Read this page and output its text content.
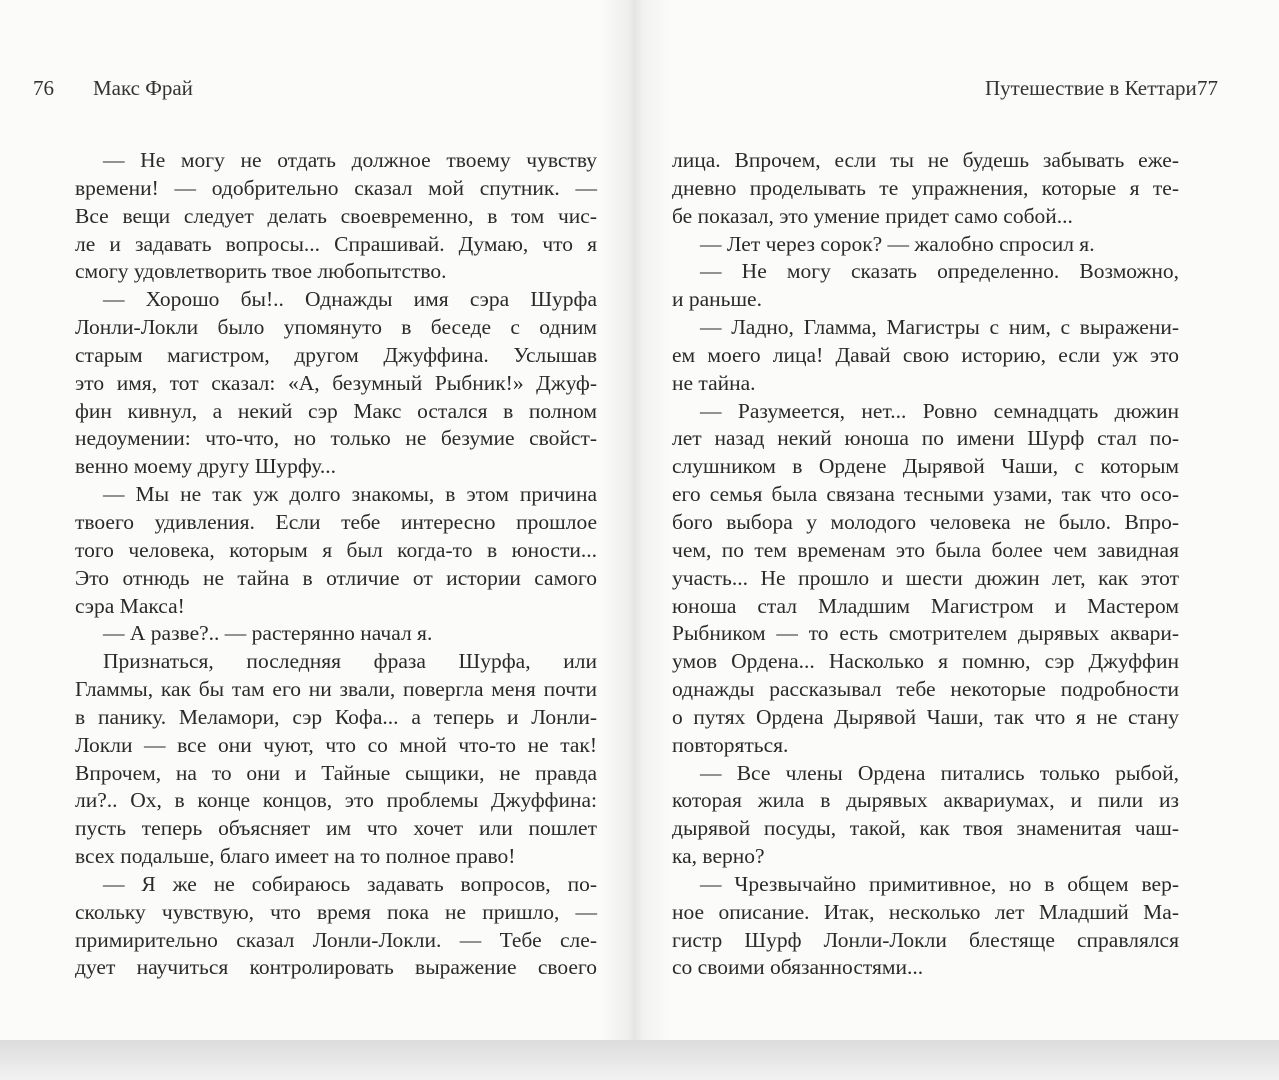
76 Макс Фрай	Путешествие в Кеттари 77
— Не могу не отдать должное твоему чувству
времени! — одобрительно сказал мой спутник. —
Все вещи следует делать своевременно, в том чис-
ле и задавать вопросы... Спрашивай. Думаю, что я
смогу удовлетворить твое любопытство.
— Хорошо бы!.. Однажды имя сэра Шурфа
Лонли-Локли было упомянуто в беседе с одним
старым магистром, другом Джуффина. Услышав
это имя, тот сказал: «А, безумный Рыбник!» Джуф-
фин кивнул, а некий сэр Макс остался в полном
недоумении: что-что, но только не безумие свойст-
венно моему другу Шурфу...
— Мы не так уж долго знакомы, в этом причина
твоего удивления. Если тебе интересно прошлое
того человека, которым я был когда-то в юности...
Это отнюдь не тайна в отличие от истории самого
сэра Макса!
— А разве?.. — растерянно начал я.
Признаться, последняя фраза Шурфа, или
Гламмы, как бы там его ни звали, повергла меня почти
в панику. Меламори, сэр Кофа... а теперь и Лонли-
Локли — все они чуют, что со мной что-то не так!
Впрочем, на то они и Тайные сыщики, не правда
ли?.. Ох, в конце концов, это проблемы Джуффина:
пусть теперь объясняет им что хочет или пошлет
всех подальше, благо имеет на то полное право!
— Я же не собираюсь задавать вопросов, по-
скольку чувствую, что время пока не пришло, —
примирительно сказал Лонли-Локли. — Тебе сле-
дует научиться контролировать выражение своего
лица. Впрочем, если ты не будешь забывать еже-
дневно проделывать те упражнения, которые я те-
бе показал, это умение придет само собой...
— Лет через сорок? — жалобно спросил я.
— Не могу сказать определенно. Возможно,
и раньше.
— Ладно, Гламма, Магистры с ним, с выражени-
ем моего лица! Давай свою историю, если уж это
не тайна.
— Разумеется, нет... Ровно семнадцать дюжин
лет назад некий юноша по имени Шурф стал по-
слушником в Ордене Дырявой Чаши, с которым
его семья была связана тесными узами, так что осо-
бого выбора у молодого человека не было. Впро-
чем, по тем временам это была более чем завидная
участь... Не прошло и шести дюжин лет, как этот
юноша стал Младшим Магистром и Мастером
Рыбником — то есть смотрителем дырявых аквари-
умов Ордена... Насколько я помню, сэр Джуффин
однажды рассказывал тебе некоторые подробности
о путях Ордена Дырявой Чаши, так что я не стану
повторяться.
— Все члены Ордена питались только рыбой,
которая жила в дырявых аквариумах, и пили из
дырявой посуды, такой, как твоя знаменитая чаш-
ка, верно?
— Чрезвычайно примитивное, но в общем вер-
ное описание. Итак, несколько лет Младший Ма-
гистр Шурф Лонли-Локли блестяще справлялся
со своими обязанностями...
